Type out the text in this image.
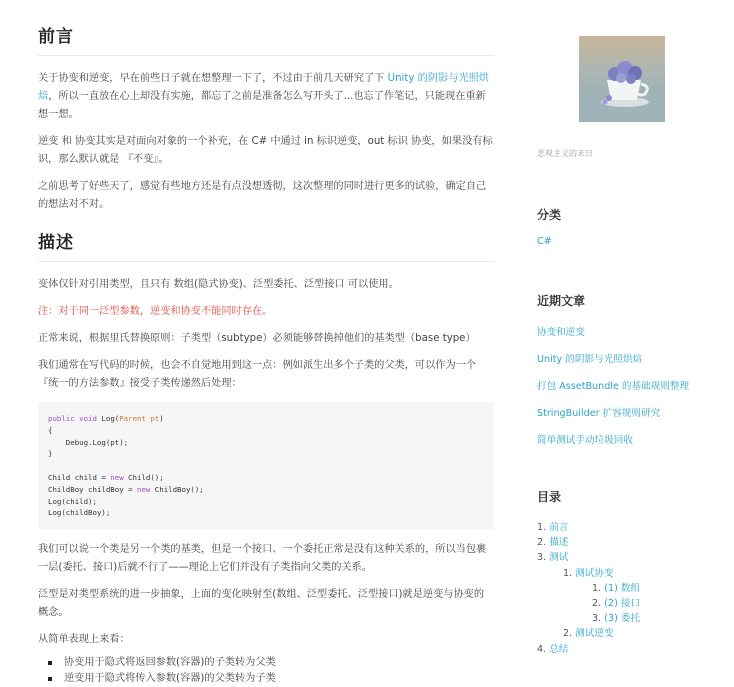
前言
关于协变和逆变，早在前些日子就在想整理一下了，不过由于前几天研究了下 Unity 的阴影与光照烘焙，所以一直放在心上却没有实施，都忘了之前是准备怎么写开头了...也忘了作笔记，只能现在重新想一想。
逆变 和 协变其实是对面向对象的一个补充，在 C# 中通过 in 标识逆变，out 标识 协变，如果没有标识，那么默认就是 『不变』。
之前思考了好些天了，感觉有些地方还是有点没想透彻，这次整理的同时进行更多的试验，确定自己的想法对不对。
描述
变体仅针对引用类型，且只有 数组(隐式协变)、泛型委托、泛型接口 可以使用。
注：对于同一泛型参数，逆变和协变不能同时存在。
正常来说，根据里氏替换原则：子类型（subtype）必须能够替换掉他们的基类型（base type）
我们通常在写代码的时候，也会不自觉地用到这一点：例如派生出多个子类的父类，可以作为一个『统一的方法参数』接受子类传递然后处理：
public void Log(Parent pt)
{
Debug.Log(pt);
}

Child child = new Child();
ChildBoy childBoy = new ChildBoy();
Log(child);
Log(childBoy);
我们可以说一个类是另一个类的基类，但是一个接口、一个委托正常是没有这种关系的，所以当包裹一层(委托、接口)后就不行了——理论上它们并没有子类指向父类的关系。
泛型是对类型系统的进一步抽象，上面的变化映射至(数组、泛型委托、泛型接口)就是逆变与协变的概念。
从简单表现上来看：
协变用于隐式将返回参数(容器)的子类转为父类
逆变用于隐式将传入参数(容器)的父类转为子类
悲观主义的末日
分类
C#
近期文章
协变和逆变
Unity 的阴影与光照烘焙
打包 AssetBundle 的基础规则整理
StringBuilder 扩容规则研究
简单测试手动垃圾回收
目录
1. 前言
2. 描述
3. 测试
1. 测试协变
1. (1) 数组
2. (2) 接口
3. (3) 委托
2. 测试逆变
4. 总结
